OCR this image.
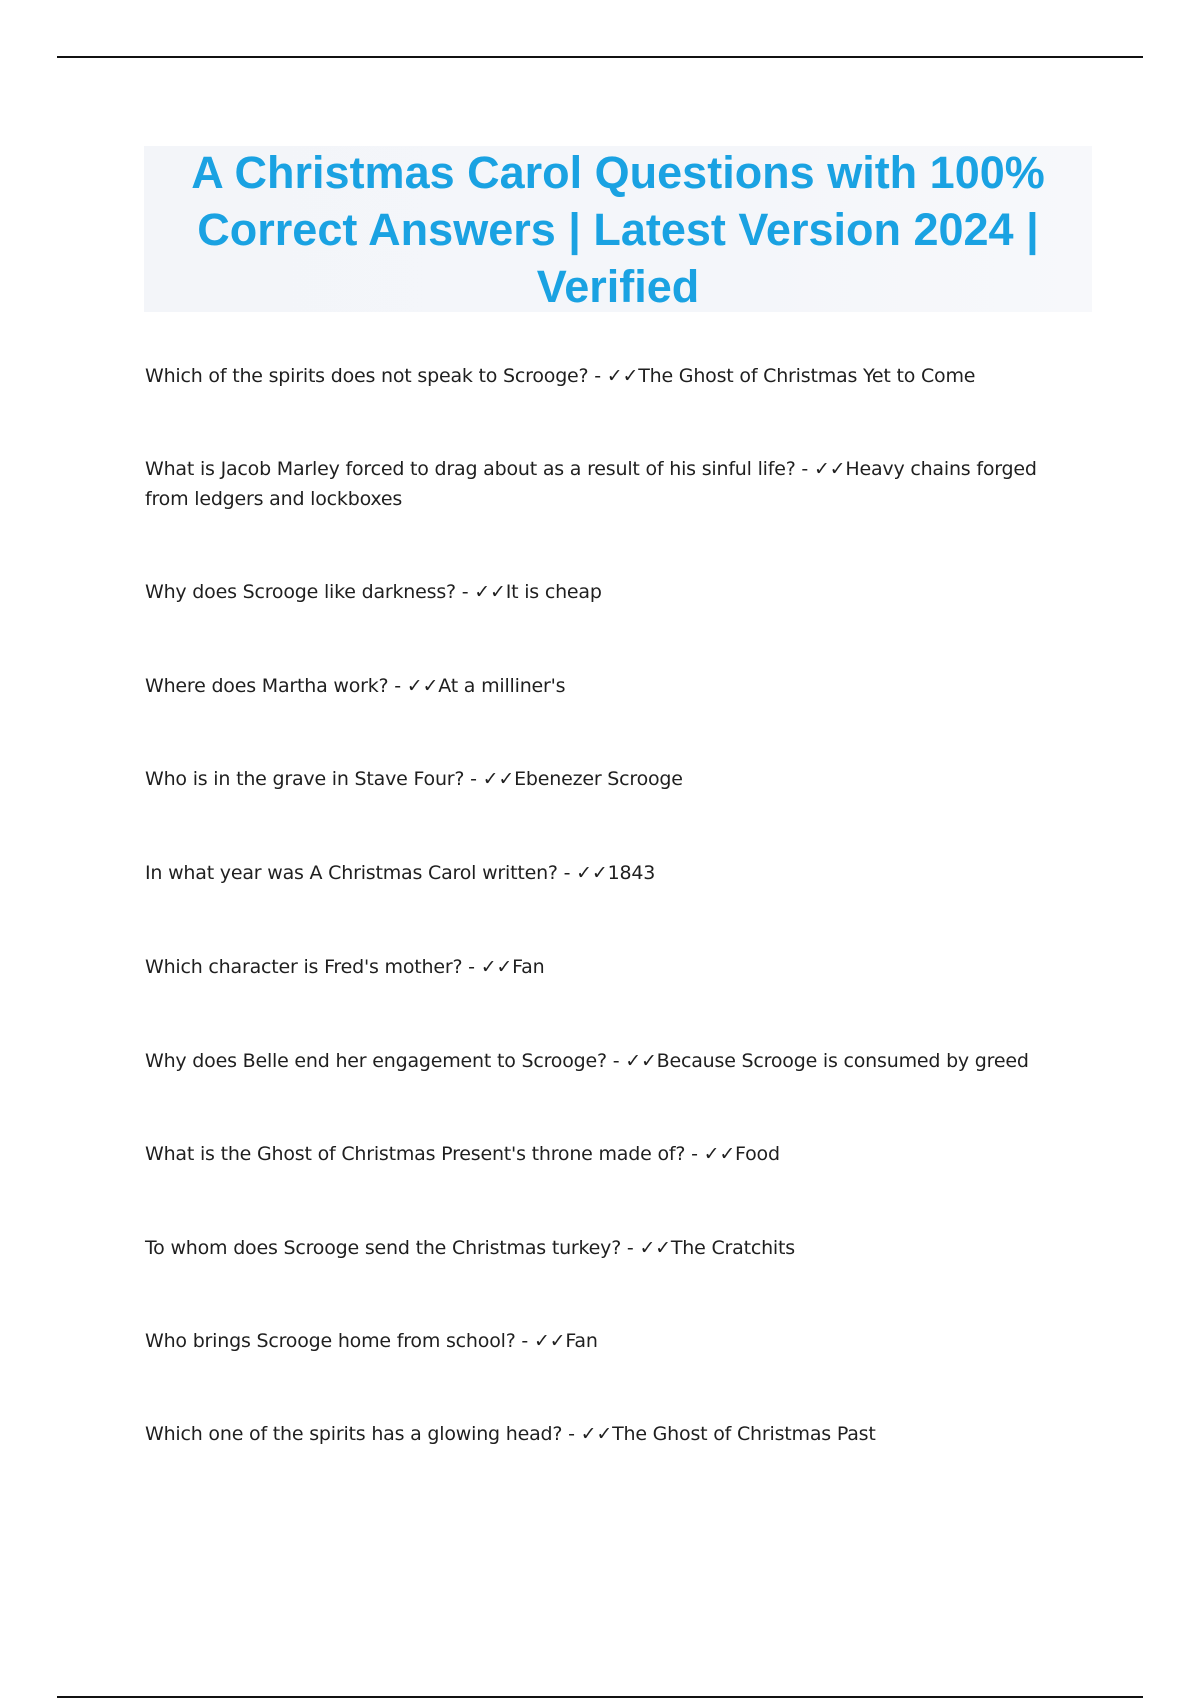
A Christmas Carol Questions with 100% Correct Answers | Latest Version 2024 | Verified

Which of the spirits does not speak to Scrooge? - ✓✓The Ghost of Christmas Yet to Come

What is Jacob Marley forced to drag about as a result of his sinful life? - ✓✓Heavy chains forged from ledgers and lockboxes

Why does Scrooge like darkness? - ✓✓It is cheap

Where does Martha work? - ✓✓At a milliner's

Who is in the grave in Stave Four? - ✓✓Ebenezer Scrooge

In what year was A Christmas Carol written? - ✓✓1843

Which character is Fred's mother? - ✓✓Fan

Why does Belle end her engagement to Scrooge? - ✓✓Because Scrooge is consumed by greed

What is the Ghost of Christmas Present's throne made of? - ✓✓Food

To whom does Scrooge send the Christmas turkey? - ✓✓The Cratchits

Who brings Scrooge home from school? - ✓✓Fan

Which one of the spirits has a glowing head? - ✓✓The Ghost of Christmas Past
